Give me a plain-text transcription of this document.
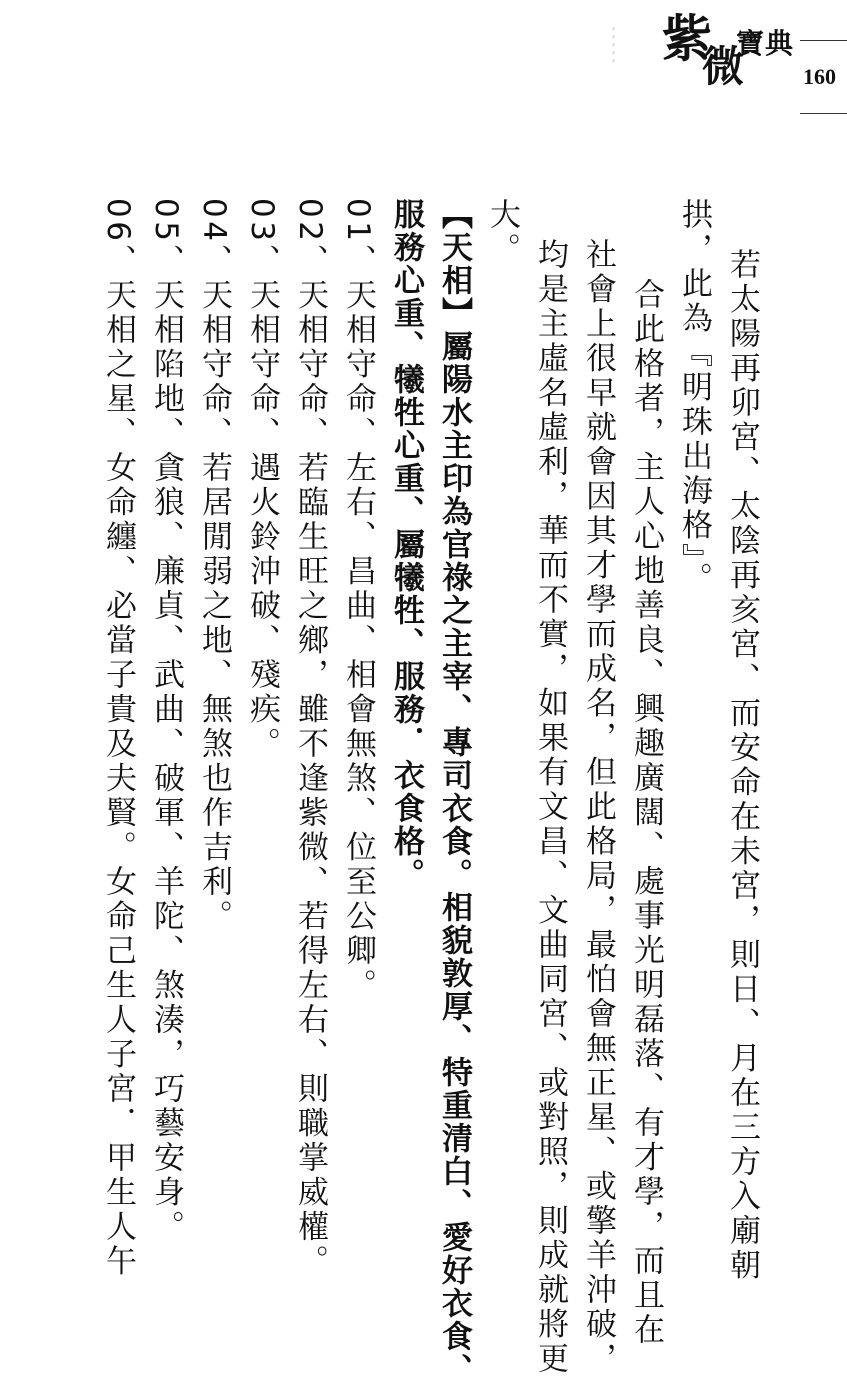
紫
微
寶典
160

若太陽再卯宮、太陰再亥宮、而安命在未宮，則日、月在三方入廟朝

拱，此為『明珠出海格』。

合此格者，主人心地善良、興趣廣闊、處事光明磊落、有才學，而且在

社會上很早就會因其才學而成名，但此格局，最怕會無正星、或擎羊沖破，

均是主虛名虛利，華而不實，如果有文昌、文曲同宮、或對照，則成就將更

大。

【天相】屬陽水主印為官祿之主宰、專司衣食。相貌敦厚、特重清白、愛好衣食、

服務心重、犧牲心重、屬犧牲、服務．衣食格。

01、天相守命、左右、昌曲、相會無煞、位至公卿。

02、天相守命、若臨生旺之鄉，雖不逢紫微、若得左右、則職掌威權。

03、天相守命、遇火鈴沖破、殘疾。

04、天相守命、若居閒弱之地、無煞也作吉利。

05、天相陷地、貪狼、廉貞、武曲、破軍、羊陀、煞湊，巧藝安身。

06、天相之星、女命纏、必當子貴及夫賢。女命己生人子宮．甲生人午
